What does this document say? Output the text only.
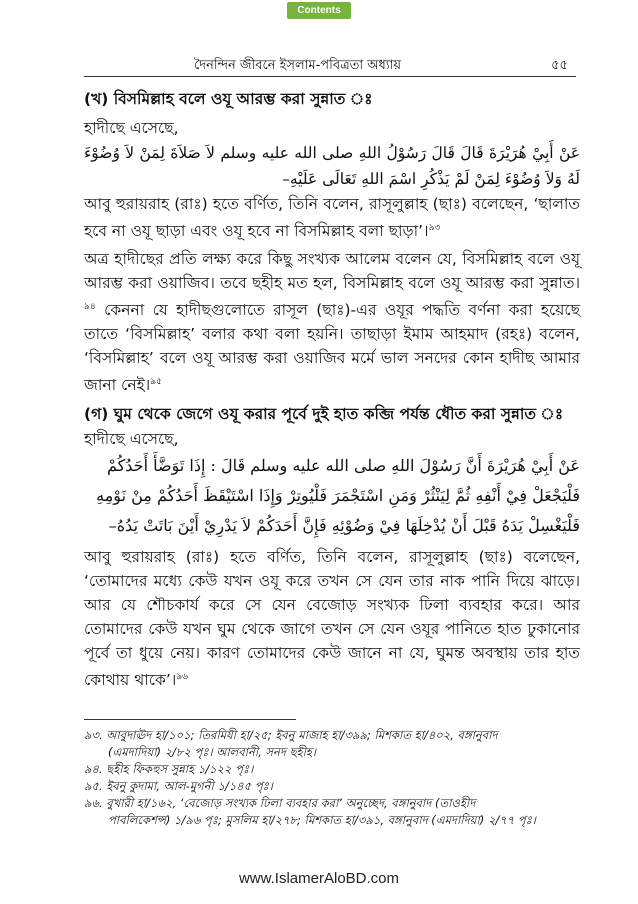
Contents
দৈনন্দিন জীবনে ইসলাম-পবিত্রতা অধ্যায়	৫৫

(খ) বিসমিল্লাহ বলে ওযূ আরম্ভ করা সুন্নাত ঃ

হাদীছে এসেছে,

عَنْ أَبِيْ هُرَيْرَةَ قَالَ قَالَ رَسُوْلُ اللهِ صلى الله عليه وسلم لاَ صَلاَةَ لِمَنْ لاَ وُضُوْءَ لَهُ وَلاَ وُضُوْءَ لِمَنْ لَمْ يَذْكُرِ اسْمَ اللهِ تَعَالَى عَلَيْهِ–

আবু হুরায়রাহ (রাঃ) হতে বর্ণিত, তিনি বলেন, রাসূলুল্লাহ (ছাঃ) বলেছেন, ‘ছালাত হবে না ওযূ ছাড়া এবং ওযূ হবে না বিসমিল্লাহ বলা ছাড়া’।$^{৯৩}$

অত্র হাদীছের প্রতি লক্ষ্য করে কিছু সংখ্যক আলেম বলেন যে, বিসমিল্লাহ বলে ওযূ আরম্ভ করা ওয়াজিব। তবে ছহীহ মত হল, বিসমিল্লাহ বলে ওযূ আরম্ভ করা সুন্নাত।$^{৯৪}$ কেননা যে হাদীছগুলোতে রাসূল (ছাঃ)-এর ওযূর পদ্ধতি বর্ণনা করা হয়েছে তাতে ‘বিসমিল্লাহ’ বলার কথা বলা হয়নি। তাছাড়া ইমাম আহমাদ (রহঃ) বলেন, ‘বিসমিল্লাহ’ বলে ওযূ আরম্ভ করা ওয়াজিব মর্মে ভাল সনদের কোন হাদীছ আমার জানা নেই।$^{৯৫}$

(গ) ঘুম থেকে জেগে ওযূ করার পূর্বে দুই হাত কব্জি পর্যন্ত ধৌত করা সুন্নাত ঃ

হাদীছে এসেছে,

عَنْ أَبِيْ هُرَيْرَةَ أَنَّ رَسُوْلَ اللهِ صلى الله عليه وسلم قَالَ : إِذَا تَوَضَّأَ أَحَدُكُمْ

فَلْيَجْعَلْ فِيْ أَنْفِهِ ثُمَّ لِيَنْثُرْ وَمَنِ اسْتَجْمَرَ فَلْيُوتِرْ وَإِذَا اسْتَيْقَظَ أَحَدُكُمْ مِنْ نَوْمِهِ

فَلْيَغْسِلْ يَدَهُ قَبْلَ أَنْ يُدْخِلَهَا فِيْ وَضُوْئِهِ فَإِنَّ أَحَدَكُمْ لاَ يَدْرِيْ أَيْنَ بَاتَتْ يَدُهُ–

আবু হুরায়রাহ (রাঃ) হতে বর্ণিত, তিনি বলেন, রাসূলুল্লাহ (ছাঃ) বলেছেন, ‘তোমাদের মধ্যে কেউ যখন ওযূ করে তখন সে যেন তার নাক পানি দিয়ে ঝাড়ে। আর যে শৌচকার্য করে সে যেন বেজোড় সংখ্যক ঢিলা ব্যবহার করে। আর তোমাদের কেউ যখন ঘুম থেকে জাগে তখন সে যেন ওযূর পানিতে হাত ঢুকানোর পূর্বে তা ধুয়ে নেয়। কারণ তোমাদের কেউ জানে না যে, ঘুমন্ত অবস্থায় তার হাত কোথায় থাকে’।$^{৯৬}$

৯৩. আবুদাঊদ হা/১০১; তিরমিযী হা/২৫; ইবনু মাজাহ হা/৩৯৯; মিশকাত হা/৪০২, বঙ্গানুবাদ

(এমদাদিয়া) ২/৮২ পৃঃ। আলবানী, সনদ ছহীহ।

৯৪. ছহীহ ফিকহুস সুন্নাহ ১/১২২ পৃঃ।

৯৫. ইবনু কুদামা, আল-মুগনী ১/১৪৫ পৃঃ।

৯৬. বুখারী হা/১৬২, ‘বেজোড় সংখ্যক ঢিলা ব্যবহার করা’ অনুচ্ছেদ, বঙ্গানুবাদ (তাওহীদ

পাবলিকেশন্স) ১/৯৬ পৃঃ; মুসলিম হা/২৭৮; মিশকাত হা/৩৯১, বঙ্গানুবাদ (এমদাদিয়া) ২/৭৭ পৃঃ।

www.IslamerAloBD.com
